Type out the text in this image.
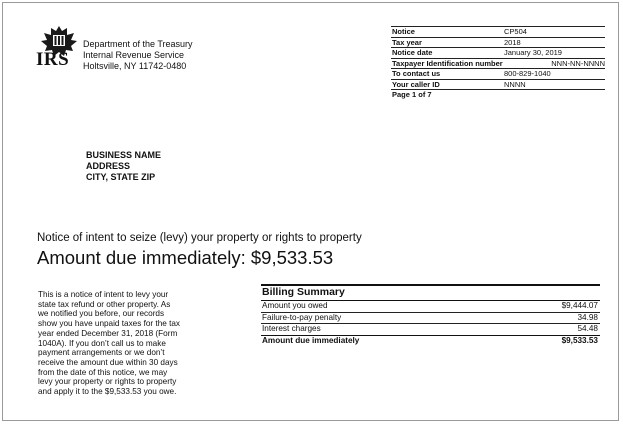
IRS
Department of the Treasury
Internal Revenue Service
Holtsville, NY 11742-0480
Notice	CP504
Tax year	2018
Notice date	January 30, 2019
Taxpayer Identification number	NNN-NN-NNNN
To contact us	800-829-1040
Your caller ID	NNNN
Page 1 of 7
BUSINESS NAME
ADDRESS
CITY, STATE ZIP
Notice of intent to seize (levy) your property or rights to property
Amount due immediately: $9,533.53
This is a notice of intent to levy your
state tax refund or other property. As
we notified you before, our records
show you have unpaid taxes for the tax
year ended December 31, 2018 (Form
1040A). If you don’t call us to make
payment arrangements or we don’t
receive the amount due within 30 days
from the date of this notice, we may
levy your property or rights to property
and apply it to the $9,533.53 you owe.
Billing Summary
Amount you owed	$9,444.07
Failure-to-pay penalty	34.98
Interest charges	54.48
Amount due immediately	$9,533.53
